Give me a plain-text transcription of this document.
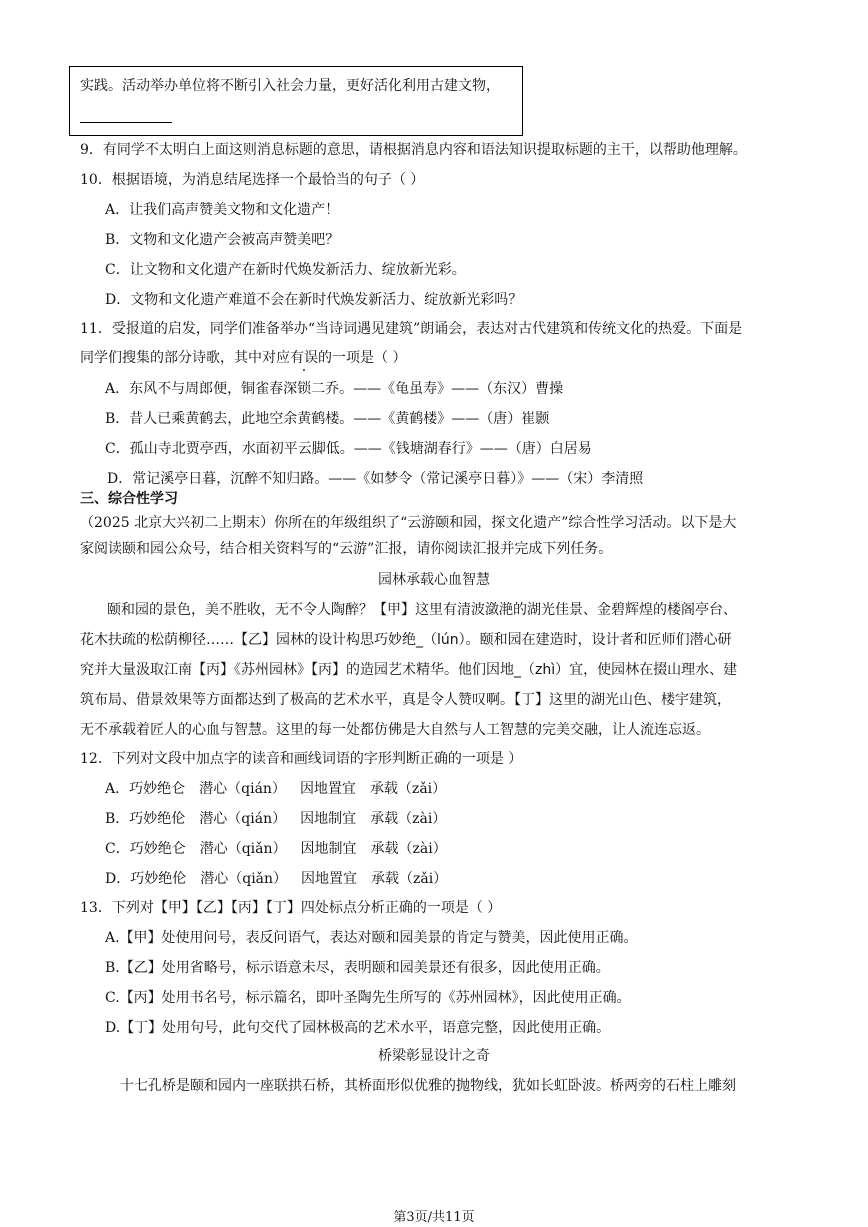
实践。活动举办单位将不断引入社会力量，更好活化利用古建文物，
9．有同学不太明白上面这则消息标题的意思，请根据消息内容和语法知识提取标题的主干，以帮助他理解。
10．根据语境，为消息结尾选择一个最恰当的句子（ ）
A．让我们高声赞美文物和文化遗产！
B．文物和文化遗产会被高声赞美吧？
C．让文物和文化遗产在新时代焕发新活力、绽放新光彩。
D．文物和文化遗产难道不会在新时代焕发新活力、绽放新光彩吗？
11．受报道的启发，同学们准备举办“当诗词遇见建筑”朗诵会，表达对古代建筑和传统文化的热爱。下面是
同学们搜集的部分诗歌，其中对应有误的一项是（ ）
A．东风不与周郎便，铜雀春深锁二乔。——《龟虽寿》——（东汉）曹操
B．昔人已乘黄鹤去，此地空余黄鹤楼。——《黄鹤楼》——（唐）崔颢
C．孤山寺北贾亭西，水面初平云脚低。——《钱塘湖春行》——（唐）白居易
D．常记溪亭日暮，沉醉不知归路。——《如梦令（常记溪亭日暮）》——（宋）李清照
三、综合性学习
（2025 北京大兴初二上期末）你所在的年级组织了“云游颐和园，探文化遗产”综合性学习活动。以下是大
家阅读颐和园公众号，结合相关资料写的“云游”汇报，请你阅读汇报并完成下列任务。
园林承载心血智慧
颐和园的景色，美不胜收，无不令人陶醉？【甲】这里有清波潋滟的湖光佳景、金碧辉煌的楼阁亭台、
花木扶疏的松荫柳径……【乙】园林的设计构思巧妙绝_（lún）。颐和园在建造时，设计者和匠师们潜心研
究并大量汲取江南【丙】《苏州园林》【丙】的造园艺术精华。他们因地_（zhì）宜，使园林在掇山理水、建
筑布局、借景效果等方面都达到了极高的艺术水平，真是令人赞叹啊。【丁】这里的湖光山色、楼宇建筑，
无不承载着匠人的心血与智慧。这里的每一处都仿佛是大自然与人工智慧的完美交融，让人流连忘返。
12．下列对文段中加点字的读音和画线词语的字形判断正确的一项是 ）
A．巧妙绝仑 潜心（qián） 因地置宜 承载（zǎi）
B．巧妙绝伦 潜心（qián） 因地制宜 承载（zài）
C．巧妙绝仑 潜心（qiǎn） 因地制宜 承载（zài）
D．巧妙绝伦 潜心（qiǎn） 因地置宜 承载（zǎi）
13．下列对【甲】【乙】【丙】【丁】四处标点分析正确的一项是（ ）
A.【甲】处使用问号，表反问语气，表达对颐和园美景的肯定与赞美，因此使用正确。
B.【乙】处用省略号，标示语意未尽，表明颐和园美景还有很多，因此使用正确。
C.【丙】处用书名号，标示篇名，即叶圣陶先生所写的《苏州园林》，因此使用正确。
D.【丁】处用句号，此句交代了园林极高的艺术水平，语意完整，因此使用正确。
桥梁彰显设计之奇
十七孔桥是颐和园内一座联拱石桥，其桥面形似优雅的抛物线，犹如长虹卧波。桥两旁的石柱上雕刻
第3页/共11页
